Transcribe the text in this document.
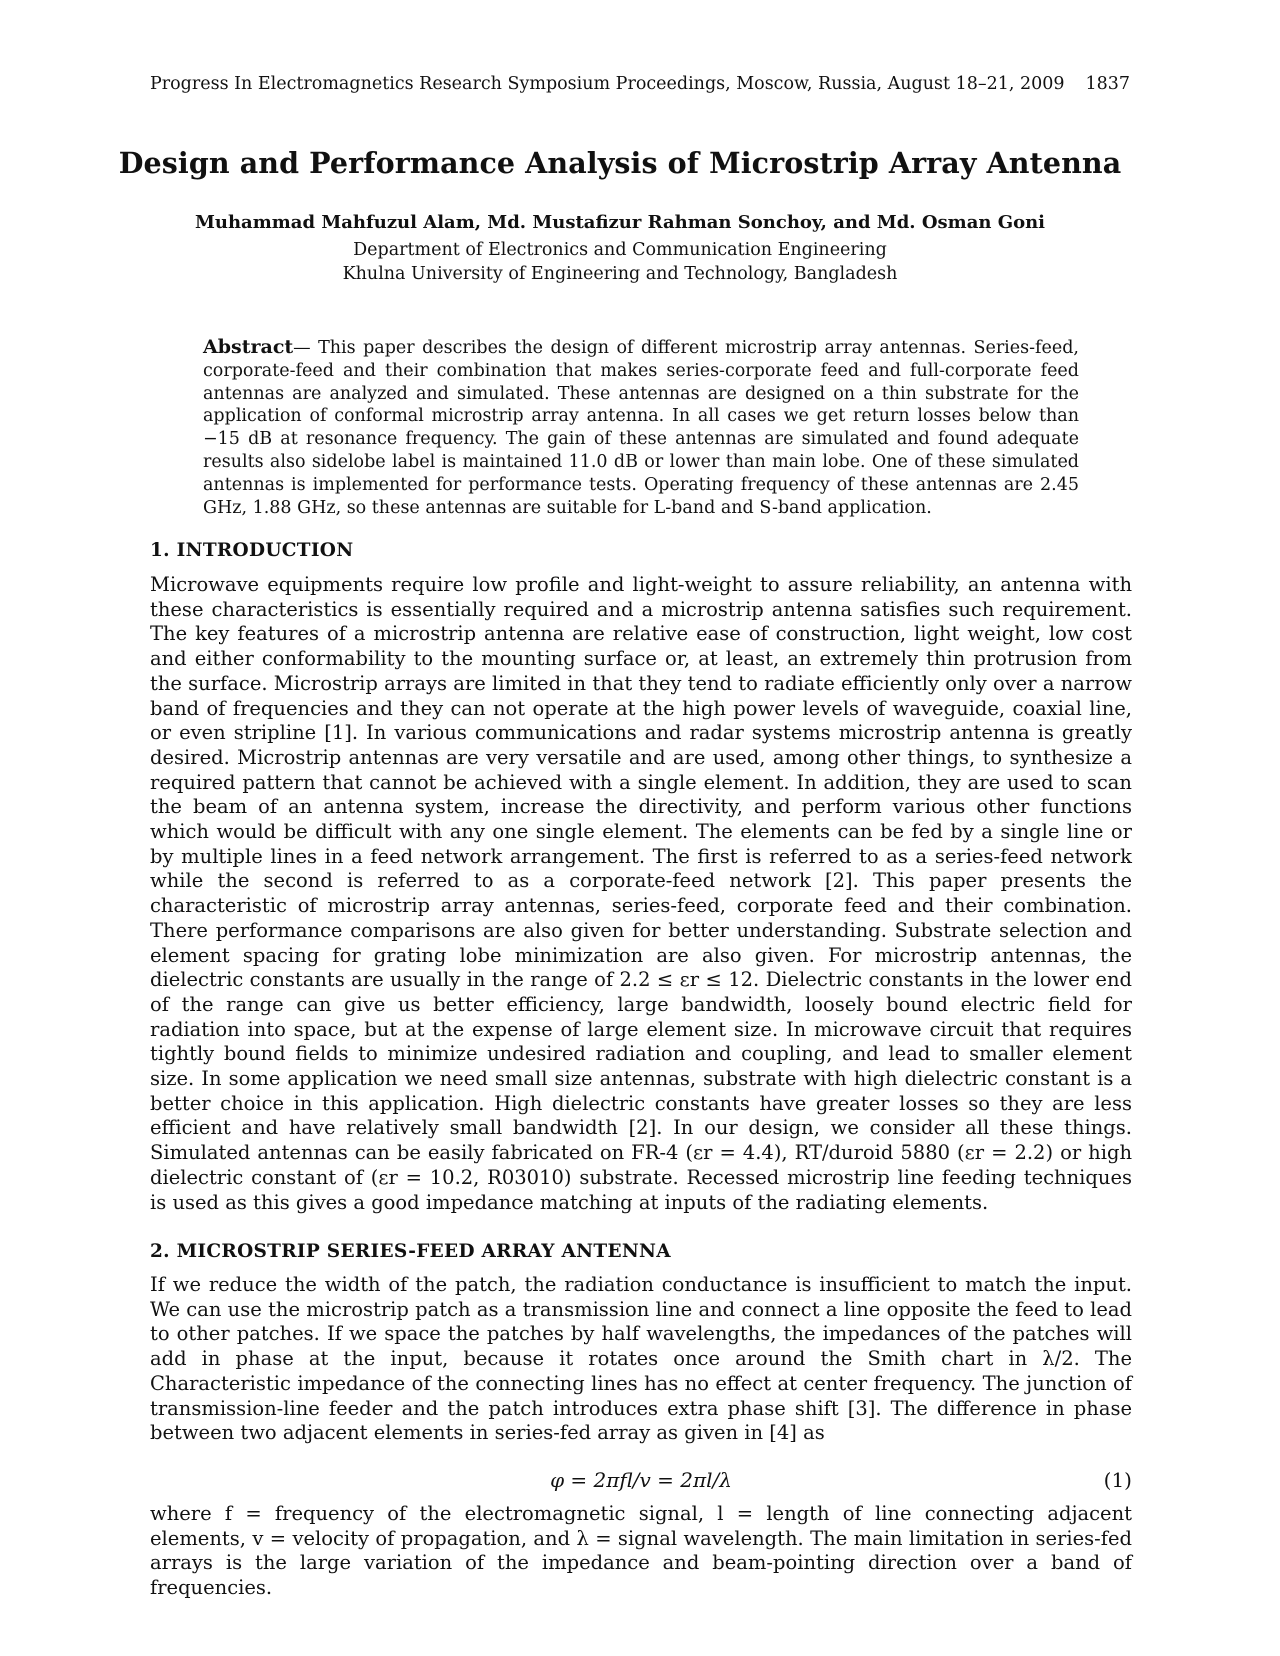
Progress In Electromagnetics Research Symposium Proceedings, Moscow, Russia, August 18–21, 2009 1837
Design and Performance Analysis of Microstrip Array Antenna
Muhammad Mahfuzul Alam, Md. Mustafizur Rahman Sonchoy, and Md. Osman Goni
Department of Electronics and Communication Engineering
Khulna University of Engineering and Technology, Bangladesh
Abstract— This paper describes the design of different microstrip array antennas. Series-feed, corporate-feed and their combination that makes series-corporate feed and full-corporate feed antennas are analyzed and simulated. These antennas are designed on a thin substrate for the application of conformal microstrip array antenna. In all cases we get return losses below than −15 dB at resonance frequency. The gain of these antennas are simulated and found adequate results also sidelobe label is maintained 11.0 dB or lower than main lobe. One of these simulated antennas is implemented for performance tests. Operating frequency of these antennas are 2.45 GHz, 1.88 GHz, so these antennas are suitable for L-band and S-band application.
1. INTRODUCTION

Microwave equipments require low profile and light-weight to assure reliability, an antenna with these characteristics is essentially required and a microstrip antenna satisfies such requirement. The key features of a microstrip antenna are relative ease of construction, light weight, low cost and either conformability to the mounting surface or, at least, an extremely thin protrusion from the surface. Microstrip arrays are limited in that they tend to radiate efficiently only over a narrow band of frequencies and they can not operate at the high power levels of waveguide, coaxial line, or even stripline [1]. In various communications and radar systems microstrip antenna is greatly desired. Microstrip antennas are very versatile and are used, among other things, to synthesize a required pattern that cannot be achieved with a single element. In addition, they are used to scan the beam of an antenna system, increase the directivity, and perform various other functions which would be difficult with any one single element. The elements can be fed by a single line or by multiple lines in a feed network arrangement. The first is referred to as a series-feed network while the second is referred to as a corporate-feed network [2]. This paper presents the characteristic of microstrip array antennas, series-feed, corporate feed and their combination. There performance comparisons are also given for better understanding. Substrate selection and element spacing for grating lobe minimization are also given. For microstrip antennas, the dielectric constants are usually in the range of 2.2 ≤ εr ≤ 12. Dielectric constants in the lower end of the range can give us better efficiency, large bandwidth, loosely bound electric field for radiation into space, but at the expense of large element size. In microwave circuit that requires tightly bound fields to minimize undesired radiation and coupling, and lead to smaller element size. In some application we need small size antennas, substrate with high dielectric constant is a better choice in this application. High dielectric constants have greater losses so they are less efficient and have relatively small bandwidth [2]. In our design, we consider all these things. Simulated antennas can be easily fabricated on FR-4 (εr = 4.4), RT/duroid 5880 (εr = 2.2) or high dielectric constant of (εr = 10.2, R03010) substrate. Recessed microstrip line feeding techniques is used as this gives a good impedance matching at inputs of the radiating elements.

2. MICROSTRIP SERIES-FEED ARRAY ANTENNA

If we reduce the width of the patch, the radiation conductance is insufficient to match the input. We can use the microstrip patch as a transmission line and connect a line opposite the feed to lead to other patches. If we space the patches by half wavelengths, the impedances of the patches will add in phase at the input, because it rotates once around the Smith chart in λ/2. The Characteristic impedance of the connecting lines has no effect at center frequency. The junction of transmission-line feeder and the patch introduces extra phase shift [3]. The difference in phase between two adjacent elements in series-fed array as given in [4] as

φ = 2πfl/v = 2πl/λ	(1)

where f = frequency of the electromagnetic signal, l = length of line connecting adjacent elements, v = velocity of propagation, and λ = signal wavelength. The main limitation in series-fed arrays is the large variation of the impedance and beam-pointing direction over a band of frequencies.
